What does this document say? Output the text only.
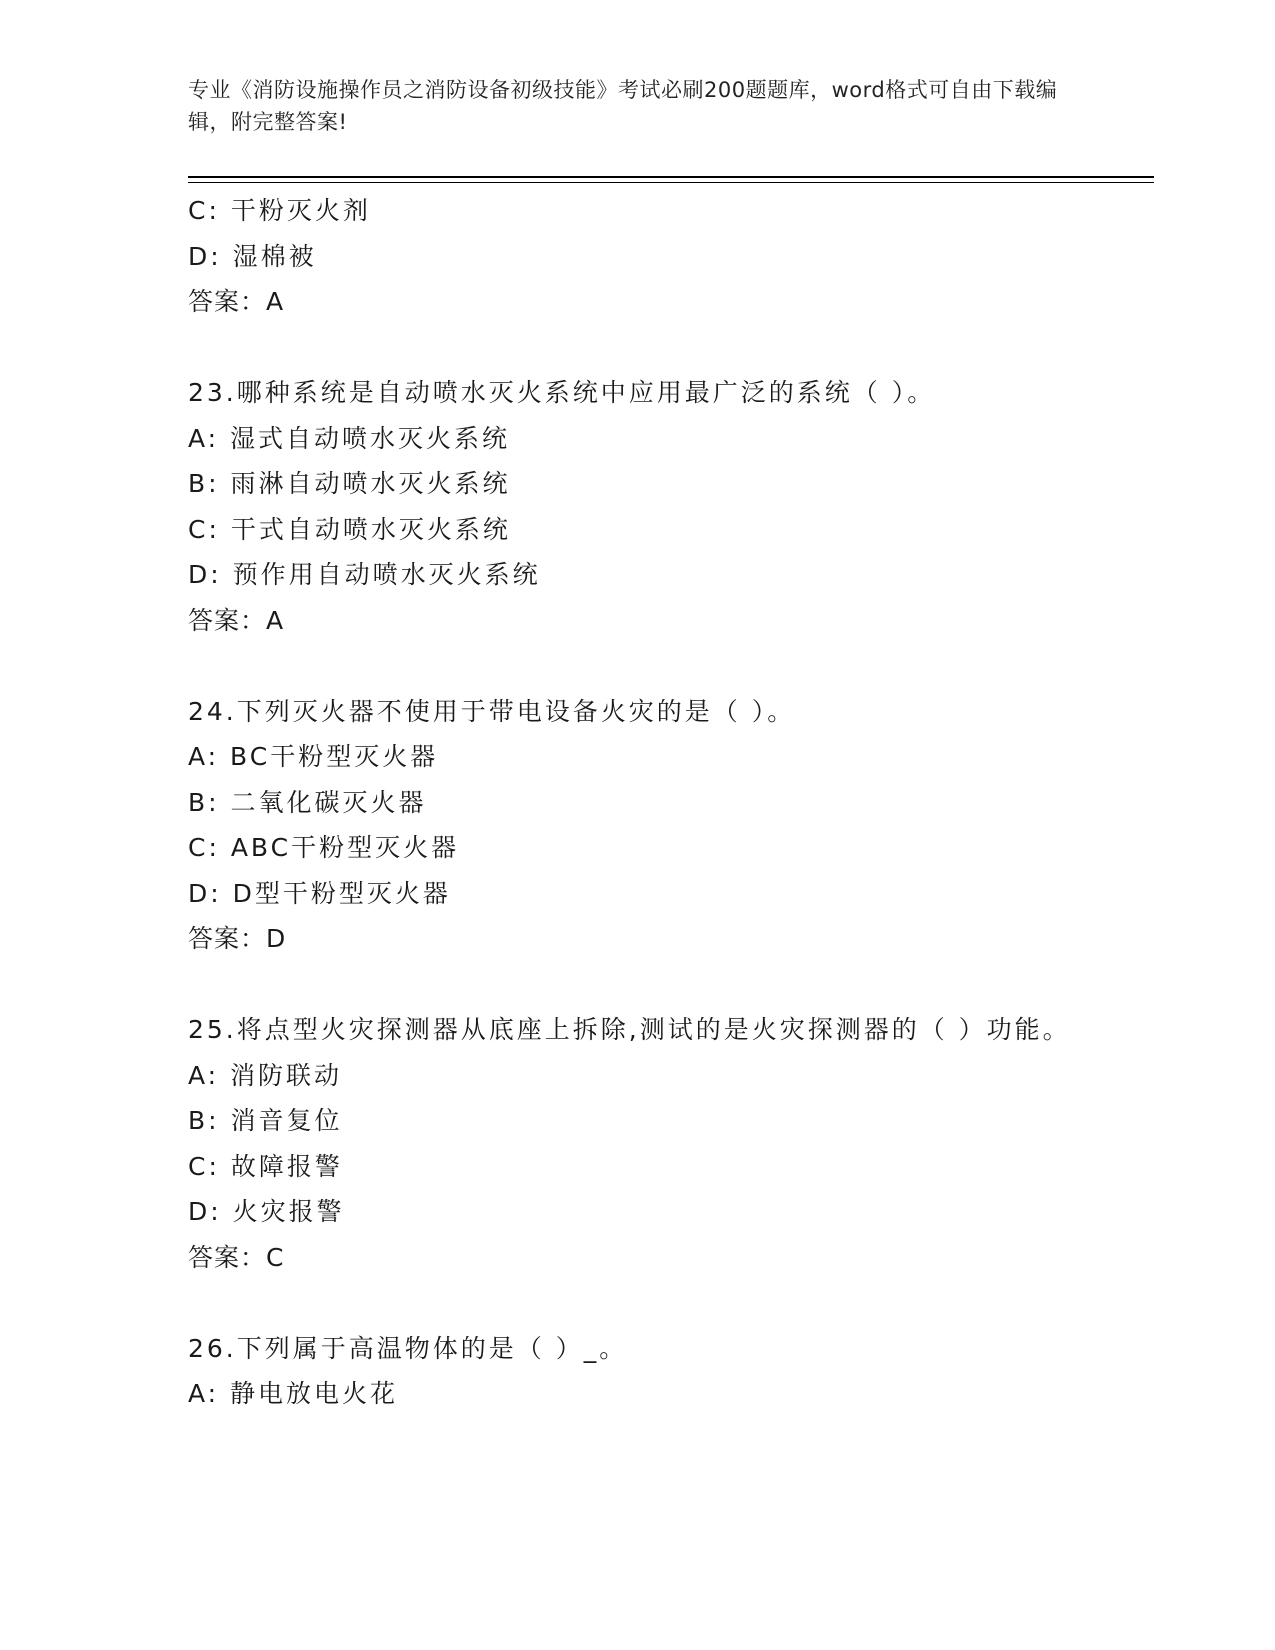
专业《消防设施操作员之消防设备初级技能》考试必刷200题题库，word格式可自由下载编辑，附完整答案!
C: 干粉灭火剂
D: 湿棉被
答案：A
23.哪种系统是自动喷水灭火系统中应用最广泛的系统（ ）。
A: 湿式自动喷水灭火系统
B: 雨淋自动喷水灭火系统
C: 干式自动喷水灭火系统
D: 预作用自动喷水灭火系统
答案：A
24.下列灭火器不使用于带电设备火灾的是（ ）。
A: BC干粉型灭火器
B: 二氧化碳灭火器
C: ABC干粉型灭火器
D: D型干粉型灭火器
答案：D
25.将点型火灾探测器从底座上拆除,测试的是火灾探测器的（ ）功能。
A: 消防联动
B: 消音复位
C: 故障报警
D: 火灾报警
答案：C
26.下列属于高温物体的是（ ）_。
A: 静电放电火花
